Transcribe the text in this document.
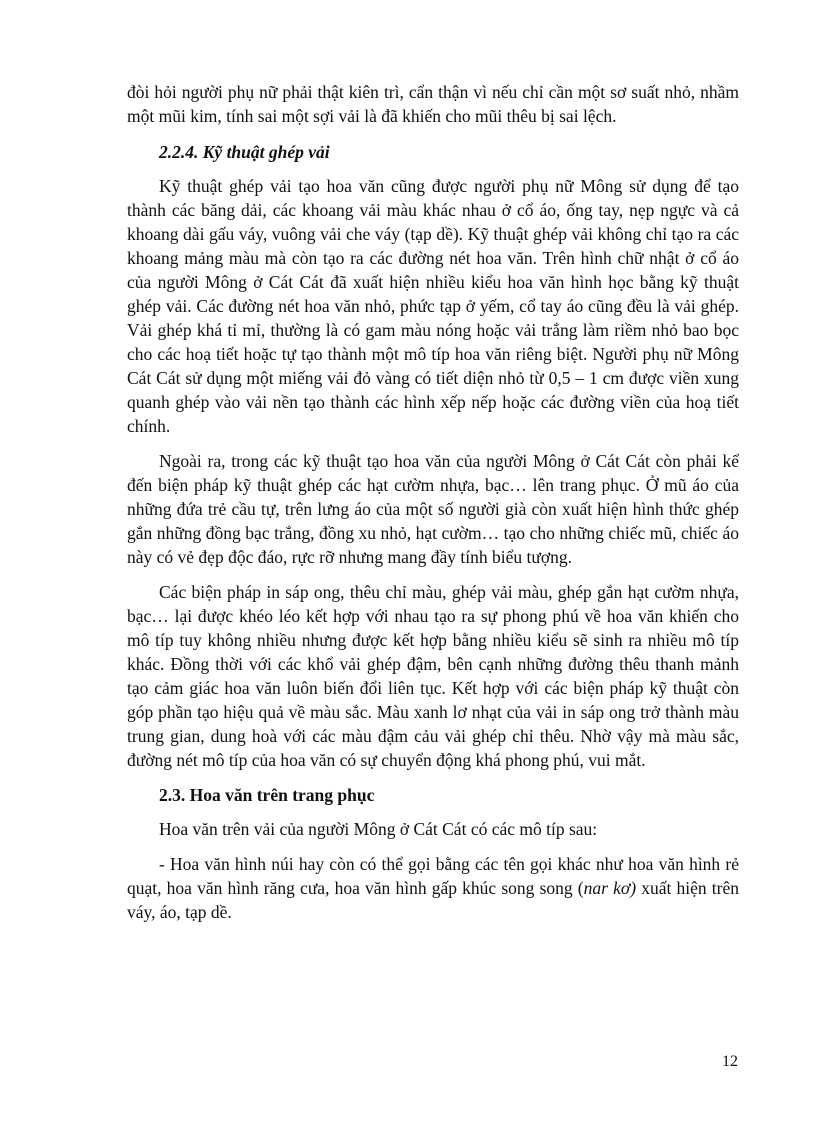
đòi hỏi người phụ nữ phải thật kiên trì, cẩn thận vì nếu chỉ cần một sơ suất nhỏ, nhầm một mũi kim, tính sai một sợi vải là đã khiến cho mũi thêu bị sai lệch.

2.2.4. Kỹ thuật ghép vải

Kỹ thuật ghép vải tạo hoa văn cũng được người phụ nữ Mông sử dụng để tạo thành các băng dải, các khoang vải màu khác nhau ở cổ áo, ống tay, nẹp ngực và cả khoang dài gấu váy, vuông vải che váy (tạp dề). Kỹ thuật ghép vải không chỉ tạo ra các khoang mảng màu mà còn tạo ra các đường nét hoa văn. Trên hình chữ nhật ở cổ áo của người Mông ở Cát Cát đã xuất hiện nhiều kiểu hoa văn hình học bằng kỹ thuật ghép vải. Các đường nét hoa văn nhỏ, phức tạp ở yếm, cổ tay áo cũng đều là vải ghép. Vải ghép khá tỉ mỉ, thường là có gam màu nóng hoặc vải trắng làm riềm nhỏ bao bọc cho các hoạ tiết hoặc tự tạo thành một mô típ hoa văn riêng biệt. Người phụ nữ Mông Cát Cát sử dụng một miếng vải đỏ vàng có tiết diện nhỏ từ 0,5 – 1 cm được viền xung quanh ghép vào vải nền tạo thành các hình xếp nếp hoặc các đường viền của hoạ tiết chính.

Ngoài ra, trong các kỹ thuật tạo hoa văn của người Mông ở Cát Cát còn phải kể đến biện pháp kỹ thuật ghép các hạt cườm nhựa, bạc… lên trang phục. Ở mũ áo của những đứa trẻ cầu tự, trên lưng áo của một số người già còn xuất hiện hình thức ghép gắn những đồng bạc trắng, đồng xu nhỏ, hạt cườm… tạo cho những chiếc mũ, chiếc áo này có vẻ đẹp độc đáo, rực rỡ nhưng mang đầy tính biểu tượng.

Các biện pháp in sáp ong, thêu chỉ màu, ghép vải màu, ghép gắn hạt cườm nhựa, bạc… lại được khéo léo kết hợp với nhau tạo ra sự phong phú về hoa văn khiến cho mô típ tuy không nhiều nhưng được kết hợp bằng nhiều kiểu sẽ sinh ra nhiều mô típ khác. Đồng thời với các khổ vải ghép đậm, bên cạnh những đường thêu thanh mảnh tạo cảm giác hoa văn luôn biến đổi liên tục. Kết hợp với các biện pháp kỹ thuật còn góp phần tạo hiệu quả về màu sắc. Màu xanh lơ nhạt của vải in sáp ong trở thành màu trung gian, dung hoà với các màu đậm cảu vải ghép chỉ thêu. Nhờ vậy mà màu sắc, đường nét mô típ của hoa văn có sự chuyển động khá phong phú, vui mắt.

2.3. Hoa văn trên trang phục

Hoa văn trên vải của người Mông ở Cát Cát có các mô típ sau:

- Hoa văn hình núi hay còn có thể gọi bằng các tên gọi khác như hoa văn hình rẻ quạt, hoa văn hình răng cưa, hoa văn hình gấp khúc song song (nar kơ) xuất hiện trên váy, áo, tạp dề.

12
